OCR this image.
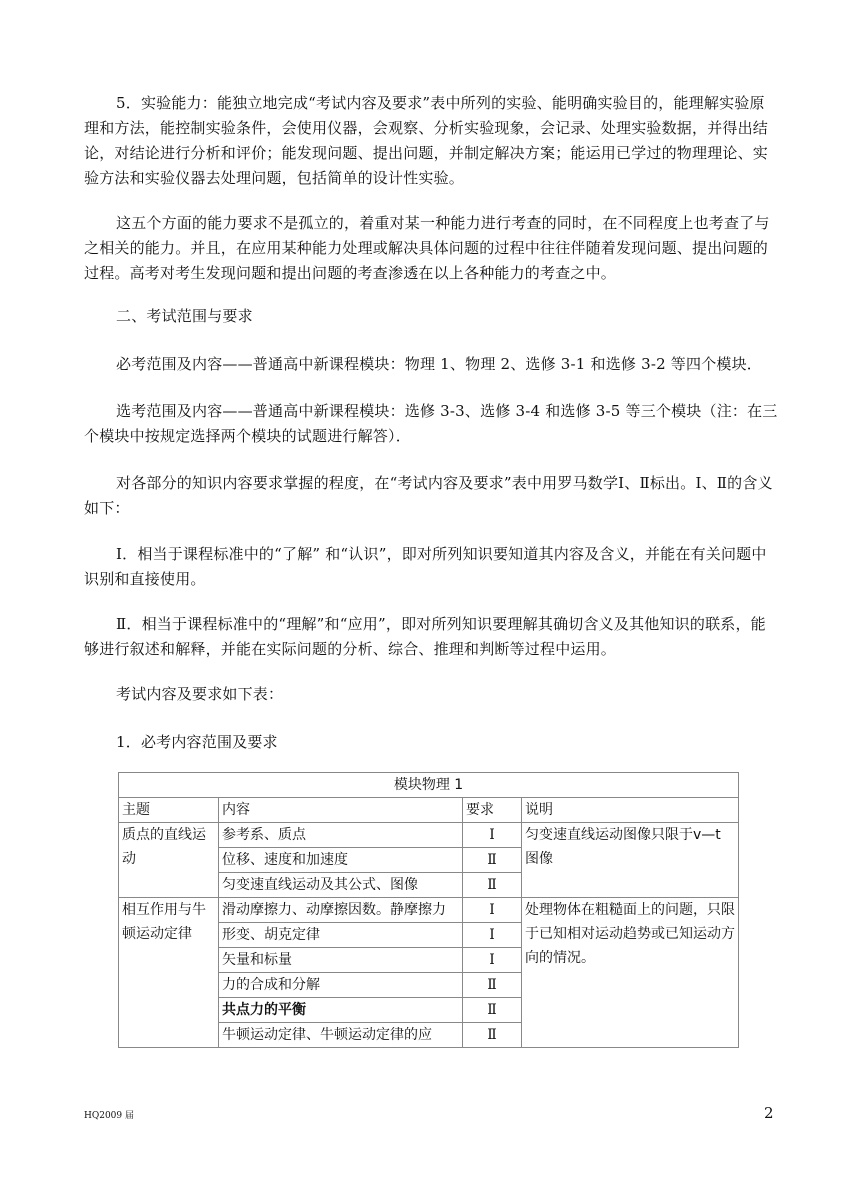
5．实验能力：能独立地完成“考试内容及要求”表中所列的实验、能明确实验目的，能理解实验原理和方法，能控制实验条件，会使用仪器，会观察、分析实验现象，会记录、处理实验数据，并得出结论，对结论进行分析和评价；能发现问题、提出问题，并制定解决方案；能运用已学过的物理理论、实验方法和实验仪器去处理问题，包括简单的设计性实验。

这五个方面的能力要求不是孤立的，着重对某一种能力进行考查的同时，在不同程度上也考查了与之相关的能力。并且，在应用某种能力处理或解决具体问题的过程中往往伴随着发现问题、提出问题的过程。高考对考生发现问题和提出问题的考查渗透在以上各种能力的考查之中。

二、考试范围与要求

必考范围及内容——普通高中新课程模块：物理 1、物理 2、选修 3-1 和选修 3-2 等四个模块．

选考范围及内容——普通高中新课程模块：选修 3-3、选修 3-4 和选修 3-5 等三个模块（注：在三个模块中按规定选择两个模块的试题进行解答）．

对各部分的知识内容要求掌握的程度，在“考试内容及要求”表中用罗马数学Ⅰ、Ⅱ标出。Ⅰ、Ⅱ的含义如下：

Ⅰ．相当于课程标准中的“了解” 和“认识”，即对所列知识要知道其内容及含义，并能在有关问题中识别和直接使用。

Ⅱ．相当于课程标准中的“理解”和“应用”，即对所列知识要理解其确切含义及其他知识的联系，能够进行叙述和解释，并能在实际问题的分析、综合、推理和判断等过程中运用。

考试内容及要求如下表：

1．必考内容范围及要求

模块物理 1			
主题	内容	要求	说明
质点的直线运动	参考系、质点	Ⅰ	匀变速直线运动图像只限于v—t 图像
	位移、速度和加速度	Ⅱ	
	匀变速直线运动及其公式、图像	Ⅱ	
相互作用与牛顿运动定律	滑动摩擦力、动摩擦因数。静摩擦力	Ⅰ	处理物体在粗糙面上的问题，只限于已知相对运动趋势或已知运动方向的情况。
	形变、胡克定律	Ⅰ	
	矢量和标量	Ⅰ	
	力的合成和分解	Ⅱ	
	共点力的平衡	Ⅱ	
	牛顿运动定律、牛顿运动定律的应	Ⅱ	
HQ2009 届	2
